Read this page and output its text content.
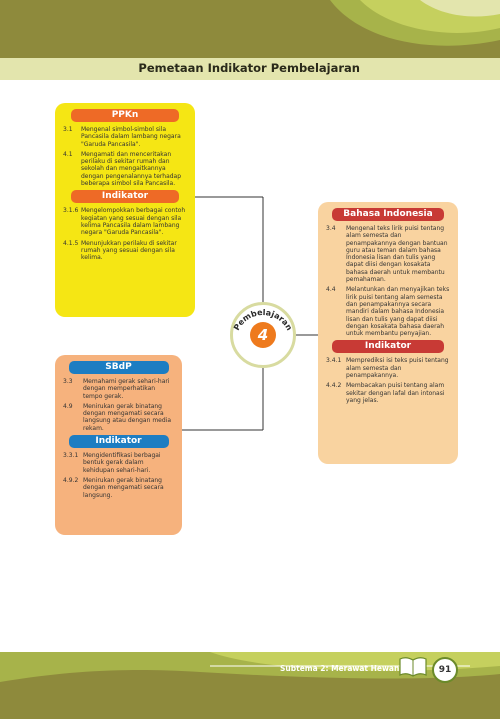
Pemetaan Indikator Pembelajaran
PPKn
3.1	Mengenal simbol-simbol sila Pancasila dalam lambang negara "Garuda Pancasila".
4.1	Mengamati dan menceritakan perilaku di sekitar rumah dan sekolah dan mengaitkannya dengan pengenalannya terhadap beberapa simbol sila Pancasila.
Indikator
3.1.6 Mengelompokkan berbagai contoh kegiatan yang sesuai dengan sila kelima Pancasila dalam lambang negara "Garuda Pancasila".
4.1.5 Menunjukkan perilaku di sekitar rumah yang sesuai dengan sila kelima.
SBdP
3.3	Memahami gerak sehari-hari dengan memperhatikan tempo gerak.
4.9	Menirukan gerak binatang dengan mengamati secara langsung atau dengan media rekam.
Indikator
3.3.1 Mengidentifikasi berbagai bentuk gerak dalam kehidupan sehari-hari.
4.9.2 Menirukan gerak binatang dengan mengamati secara langsung.
Bahasa Indonesia
3.4	Mengenal teks lirik puisi tentang alam semesta dan penampakannya dengan bantuan guru atau teman dalam bahasa Indonesia lisan dan tulis yang dapat diisi dengan kosakata bahasa daerah untuk membantu pemahaman.
4.4	Melantunkan dan menyajikan teks lirik puisi tentang alam semesta dan penampakannya secara mandiri dalam bahasa Indonesia lisan dan tulis yang dapat diisi dengan kosakata bahasa daerah untuk membantu penyajian.
Indikator
3.4.1 Memprediksi isi teks puisi tentang alam semesta dan penampakannya.
4.4.2 Membacakan puisi tentang alam sekitar dengan lafal dan intonasi yang jelas.
Pembelajaran
4
Subtema 2: Merawat Hewan	91
